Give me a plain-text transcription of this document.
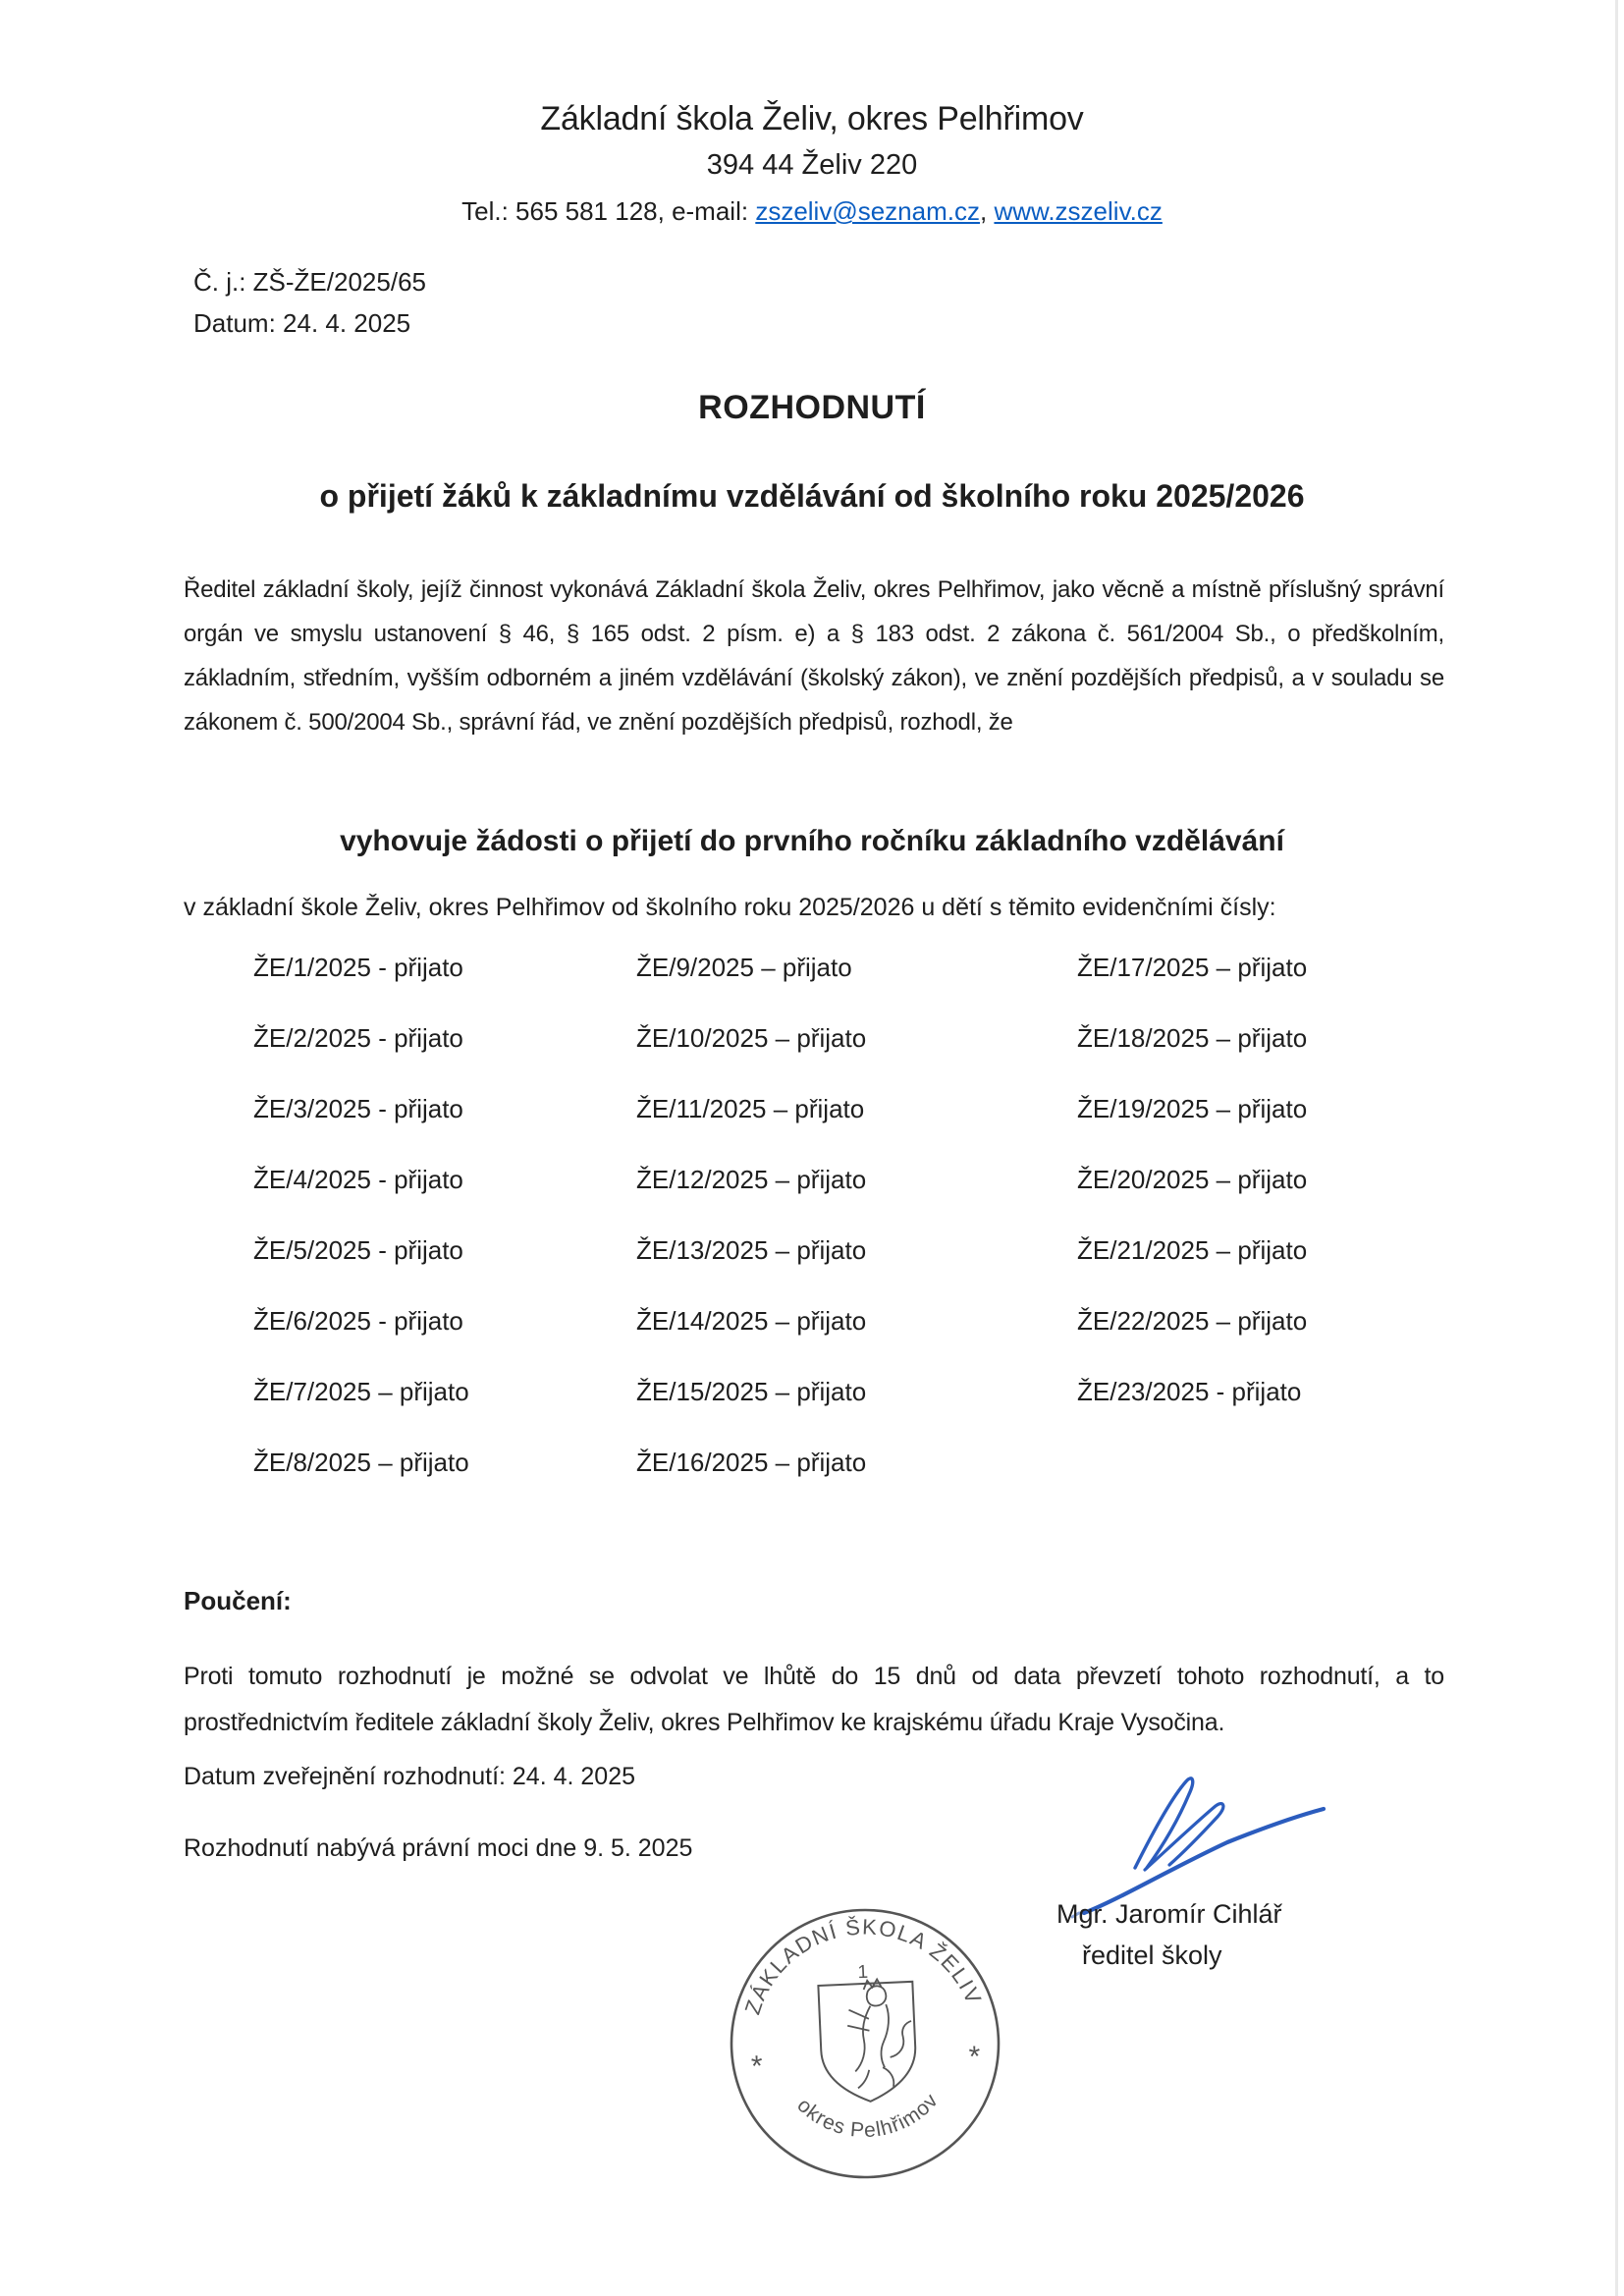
Základní škola Želiv, okres Pelhřimov
394 44 Želiv 220
Tel.: 565 581 128, e-mail: zszeliv@seznam.cz, www.zszeliv.cz
Č. j.: ZŠ-ŽE/2025/65
Datum: 24. 4. 2025
ROZHODNUTÍ
o přijetí žáků k základnímu vzdělávání od školního roku 2025/2026

Ředitel základní školy, jejíž činnost vykonává Základní škola Želiv, okres Pelhřimov, jako věcně a místně příslušný správní orgán ve smyslu ustanovení § 46, § 165 odst. 2 písm. e) a § 183 odst. 2 zákona č. 561/2004 Sb., o předškolním, základním, středním, vyšším odborném a jiném vzdělávání (školský zákon), ve znění pozdějších předpisů, a v souladu se zákonem č. 500/2004 Sb., správní řád, ve znění pozdějších předpisů, rozhodl, že

vyhovuje žádosti o přijetí do prvního ročníku základního vzdělávání
v základní škole Želiv, okres Pelhřimov od školního roku 2025/2026 u dětí s těmito evidenčními čísly:
ŽE/1/2025 - přijato
ŽE/2/2025 - přijato
ŽE/3/2025 - přijato
ŽE/4/2025 - přijato
ŽE/5/2025 - přijato
ŽE/6/2025 - přijato
ŽE/7/2025 – přijato
ŽE/8/2025 – přijato
ŽE/9/2025 – přijato
ŽE/10/2025 – přijato
ŽE/11/2025 – přijato
ŽE/12/2025 – přijato
ŽE/13/2025 – přijato
ŽE/14/2025 – přijato
ŽE/15/2025 – přijato
ŽE/16/2025 – přijato
ŽE/17/2025 – přijato
ŽE/18/2025 – přijato
ŽE/19/2025 – přijato
ŽE/20/2025 – přijato
ŽE/21/2025 – přijato
ŽE/22/2025 – přijato
ŽE/23/2025 - přijato
Poučení:

Proti tomuto rozhodnutí je možné se odvolat ve lhůtě do 15 dnů od data převzetí tohoto rozhodnutí, a to prostřednictvím ředitele základní školy Želiv, okres Pelhřimov ke krajskému úřadu Kraje Vysočina.

Datum zveřejnění rozhodnutí: 24. 4. 2025
Rozhodnutí nabývá právní moci dne 9. 5. 2025
Mgr. Jaromír Cihlář
ředitel školy
ZÁKLADNÍ ŠKOLA ŽELIV
okres Pelhřimov
*	*
1
